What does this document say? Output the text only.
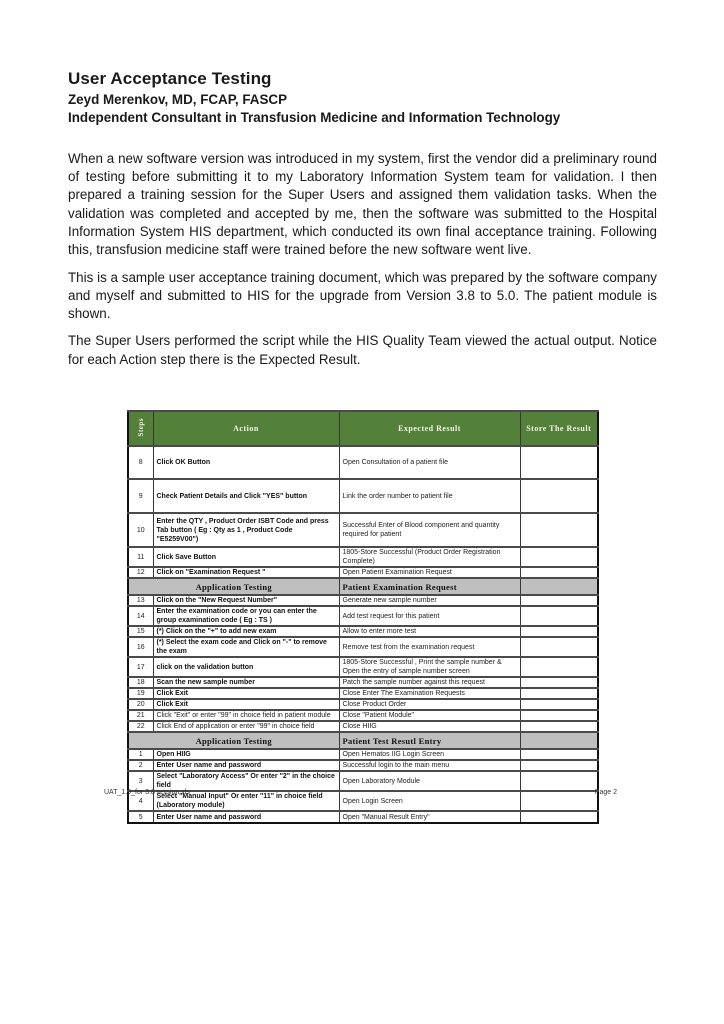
User Acceptance Testing

Zeyd Merenkov, MD, FCAP, FASCP

Independent Consultant in Transfusion Medicine and Information Technology

When a new software version was introduced in my system, first the vendor did a preliminary round of testing before submitting it to my Laboratory Information System team for validation. I then prepared a training session for the Super Users and assigned them validation tasks. When the validation was completed and accepted by me, then the software was submitted to the Hospital Information System HIS department, which conducted its own final acceptance training. Following this, transfusion medicine staff were trained before the new software went live.

This is a sample user acceptance training document, which was prepared by the software company and myself and submitted to HIS for the upgrade from Version 3.8 to 5.0. The patient module is shown.

The Super Users performed the script while the HIS Quality Team viewed the actual output. Notice for each Action step there is the Expected Result.

Steps	Action	Expected Result	Store The Result
8	Click OK Button	Open Consultation of a patient file	
9	Check Patient Details and Click "YES" button	Link the order number to patient file	
10	Enter the QTY , Product Order ISBT Code and press Tab button ( Eg : Qty as 1 , Product Code "E5259V00")	Successful Enter of Blood component and quantity required for patient	
11	Click Save Button	1805-Store Successful (Product Order Registration Complete)	
12	Click on "Examination Request "	Open Patient Examination Request	
Application Testing		Patient Examination Request	
13	Click on the "New Request Number"	Generate new sample number	
14	Enter the examination code or you can enter the group examination code ( Eg : TS )	Add test request for this patient	
15	(*) Click on the "+" to add new exam	Allow to enter more test	
16	(*) Select the exam code and Click on "-" to remove the exam	Remove test from the examination request	
17	click on the validation button	1805-Store Successful , Print the sample number & Open the entry of sample number screen	
18	Scan the new sample number	Patch the sample number against this request	
19	Click Exit	Close Enter The Examination Requests	
20	Click Exit	Close Product Order	
21	Click "Exit" or enter "99" in choice field in patient module	Close "Patient Module"	
22	Click End of application or enter "99" in choice field	Close HIIG	
Application Testing		Patient Test Resutl Entry	
1	Open HIIG	Open Hematos IIG Login Screen	
2	Enter User name and password	Successful login to the main menu	
3	Select "Laboratory Access" Or enter "2" in the choice field	Open Laboratory Module	
4	Select "Manual Input" Or enter "11" in choice field (Laboratory module)	Open Login Screen	
5	Enter User name and password	Open "Manual Result Entry"	
UAT_1.9_for 3.8 version.xls	Page 2
